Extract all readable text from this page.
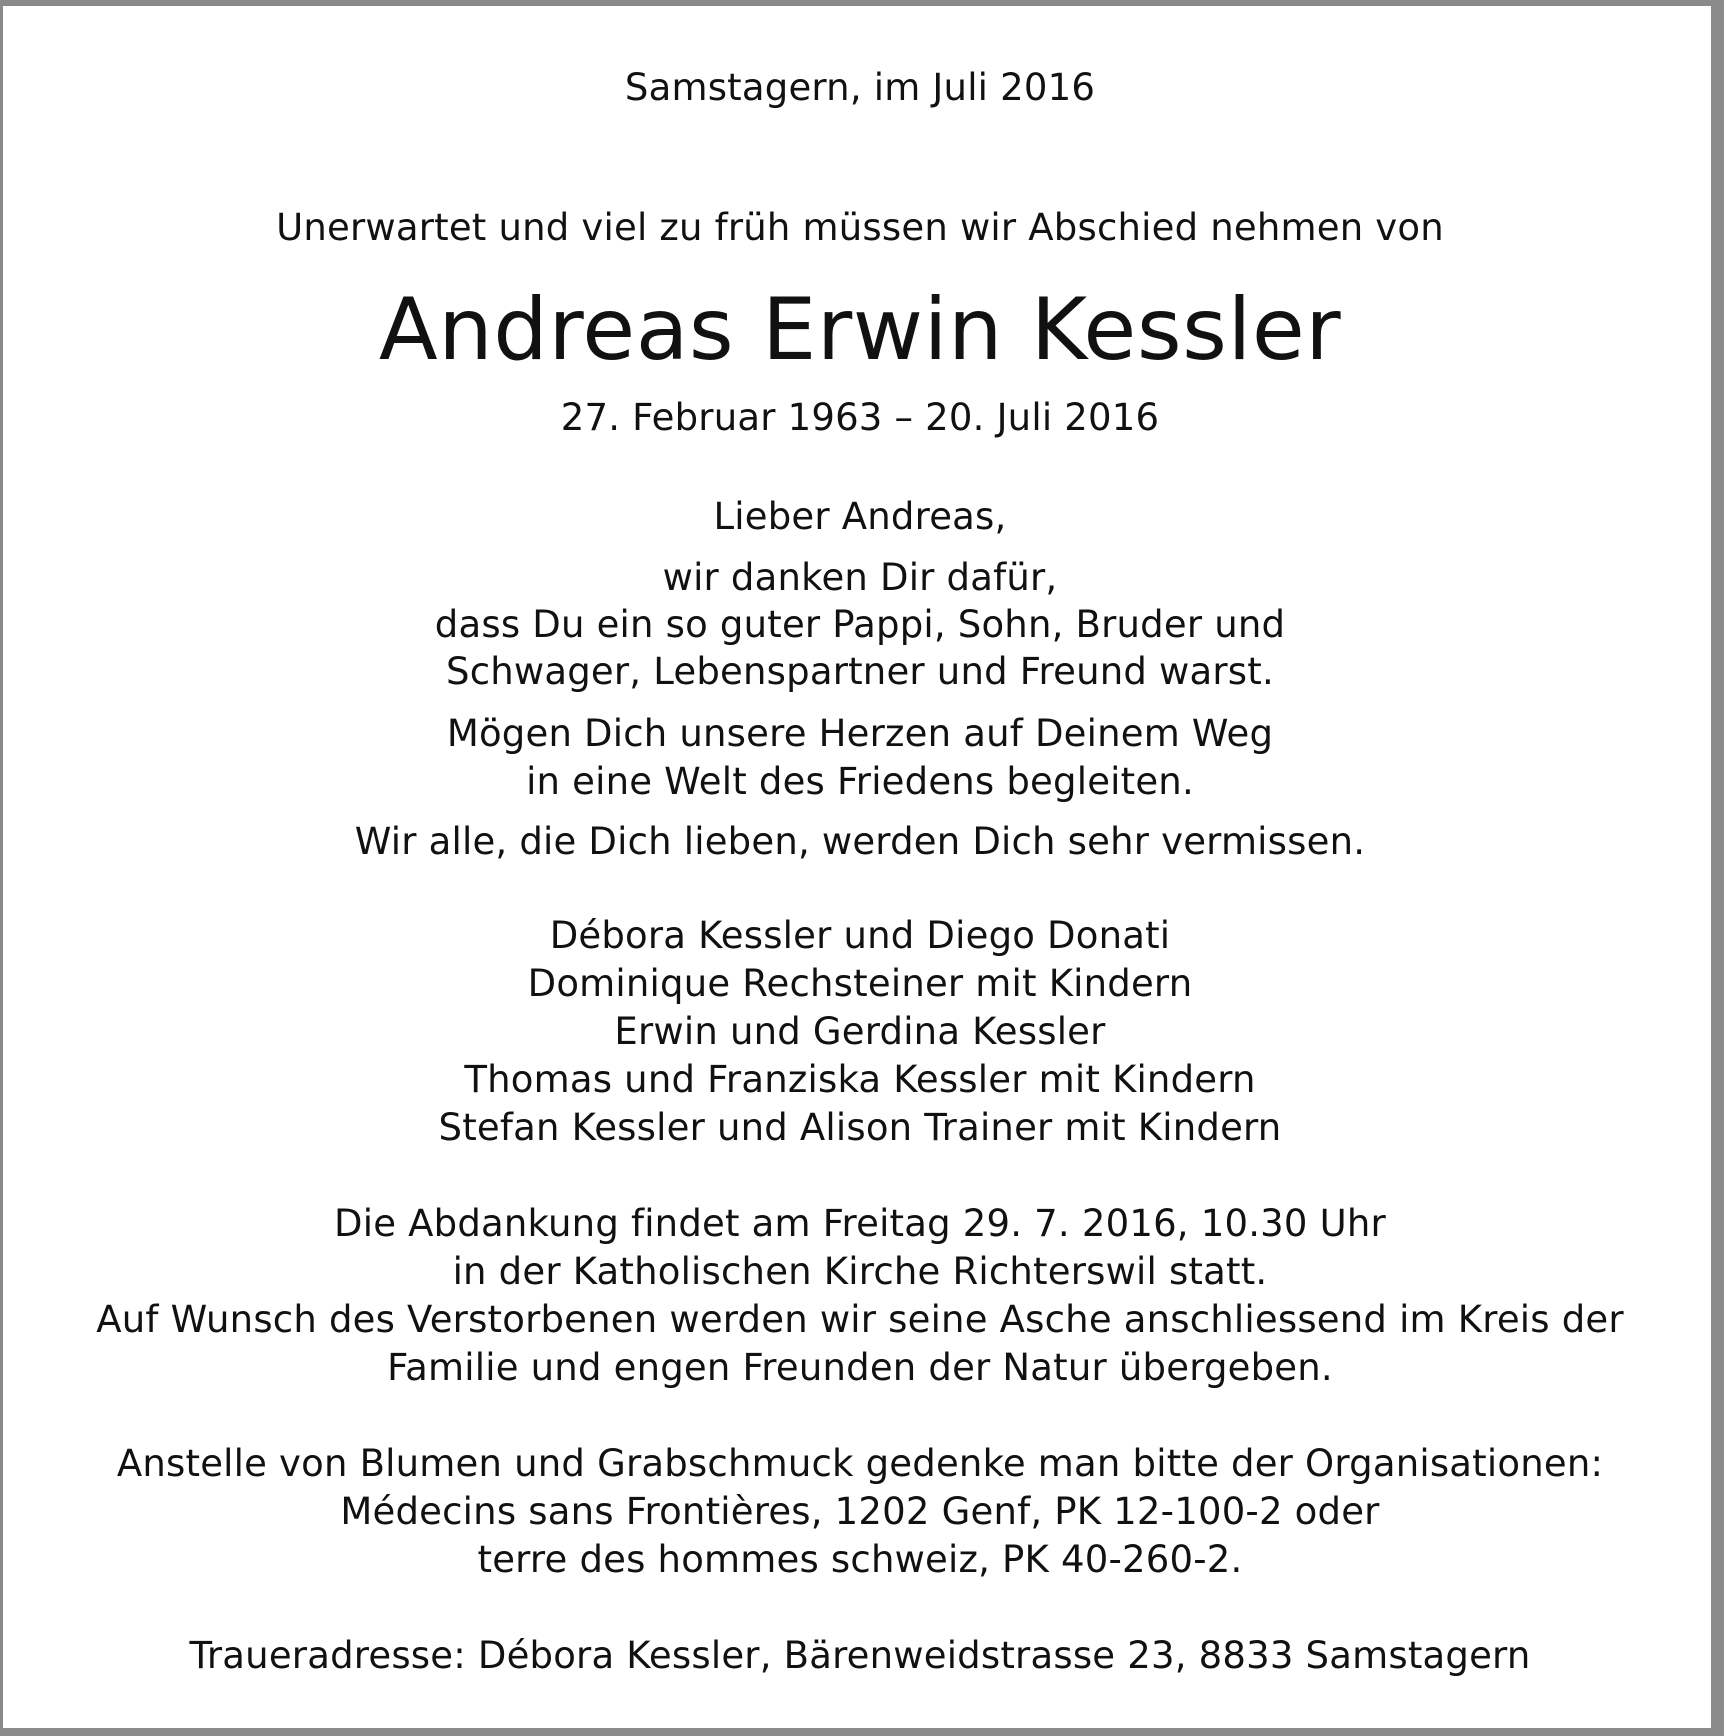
Samstagern, im Juli 2016
Unerwartet und viel zu früh müssen wir Abschied nehmen von
Andreas Erwin Kessler
27. Februar 1963 – 20. Juli 2016
Lieber Andreas,
wir danken Dir dafür,
dass Du ein so guter Pappi, Sohn, Bruder und
Schwager, Lebenspartner und Freund warst.
Mögen Dich unsere Herzen auf Deinem Weg
in eine Welt des Friedens begleiten.
Wir alle, die Dich lieben, werden Dich sehr vermissen.
Débora Kessler und Diego Donati
Dominique Rechsteiner mit Kindern
Erwin und Gerdina Kessler
Thomas und Franziska Kessler mit Kindern
Stefan Kessler und Alison Trainer mit Kindern
Die Abdankung findet am Freitag 29. 7. 2016, 10.30 Uhr
in der Katholischen Kirche Richterswil statt.
Auf Wunsch des Verstorbenen werden wir seine Asche anschliessend im Kreis der
Familie und engen Freunden der Natur übergeben.
Anstelle von Blumen und Grabschmuck gedenke man bitte der Organisationen:
Médecins sans Frontières, 1202 Genf, PK 12-100-2 oder
terre des hommes schweiz, PK 40-260-2.
Traueradresse: Débora Kessler, Bärenweidstrasse 23, 8833 Samstagern
